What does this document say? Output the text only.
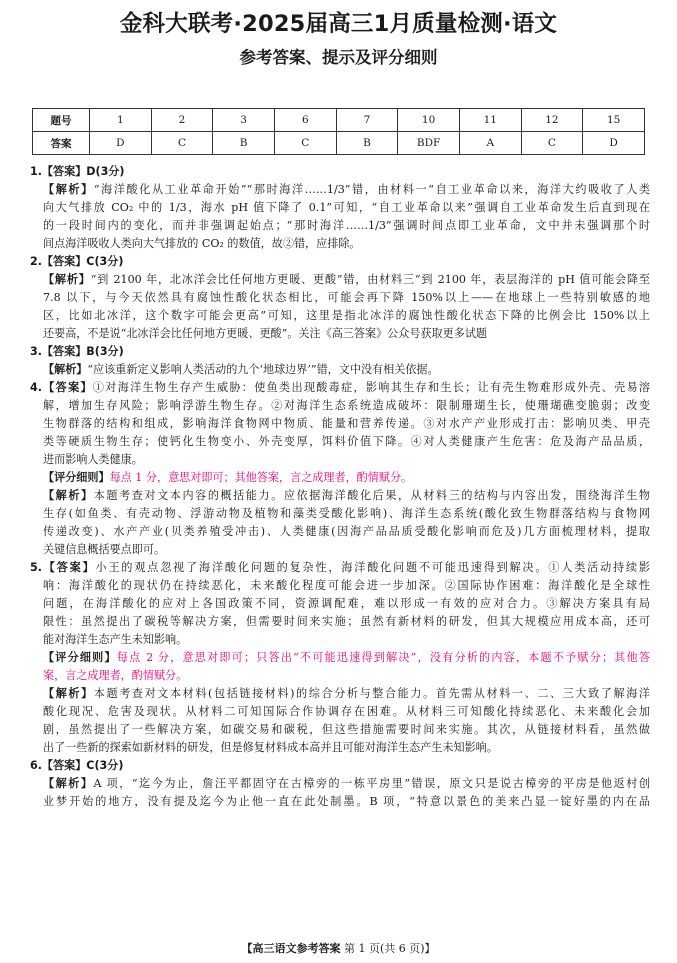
金科大联考·2025届高三1月质量检测·语文
参考答案、提示及评分细则
题号	1	2	3	6	7	10	11	12	15
答案	D	C	B	C	B	BDF	A	C	D

1.【答案】D(3分)

【解析】“海洋酸化从工业革命开始”“那时海洋……1/3”错，由材料一“自工业革命以来，海洋大约吸收了人类

向大气排放 CO₂ 中的 1/3，海水 pH 值下降了 0.1”可知，“自工业革命以来”强调自工业革命发生后直到现在

的一段时间内的变化，而并非强调起始点；“那时海洋……1/3”强调时间点即工业革命，文中并未强调那个时

间点海洋吸收人类向大气排放的 CO₂ 的数值，故②错，应排除。

2.【答案】C(3分)

【解析】“到 2100 年，北冰洋会比任何地方更暖、更酸”错，由材料三“到 2100 年，表层海洋的 pH 值可能会降至

7.8 以下，与今天依然具有腐蚀性酸化状态相比，可能会再下降 150%以上——在地球上一些特别敏感的地

区，比如北冰洋，这个数字可能会更高”可知，这里是指北冰洋的腐蚀性酸化状态下降的比例会比 150%以上

还要高，不是说“北冰洋会比任何地方更暖、更酸”。关注《高三答案》公众号获取更多试题

3.【答案】B(3分)

【解析】“应该重新定义影响人类活动的九个‘地球边界’”错，文中没有相关依据。

4.【答案】①对海洋生物生存产生威胁：使鱼类出现酸毒症，影响其生存和生长；让有壳生物难形成外壳、壳易溶

解，增加生存风险；影响浮游生物生存。②对海洋生态系统造成破坏：限制珊瑚生长，使珊瑚礁变脆弱；改变

生物群落的结构和组成，影响海洋食物网中物质、能量和营养传递。③对水产产业形成打击：影响贝类、甲壳

类等硬质生物生存；使钙化生物变小、外壳变厚，饵料价值下降。④对人类健康产生危害：危及海产品品质，

进而影响人类健康。

【评分细则】每点 1 分，意思对即可；其他答案，言之成理者，酌情赋分。

【解析】本题考查对文本内容的概括能力。应依据海洋酸化后果，从材料三的结构与内容出发，围绕海洋生物

生存(如鱼类、有壳动物、浮游动物及植物和藻类受酸化影响)、海洋生态系统(酸化致生物群落结构与食物网

传递改变)、水产产业(贝类养殖受冲击)、人类健康(因海产品品质受酸化影响而危及)几方面梳理材料，提取

关键信息概括要点即可。

5.【答案】小王的观点忽视了海洋酸化问题的复杂性，海洋酸化问题不可能迅速得到解决。①人类活动持续影

响：海洋酸化的现状仍在持续恶化，未来酸化程度可能会进一步加深。②国际协作困难：海洋酸化是全球性

问题，在海洋酸化的应对上各国政策不同，资源调配难，难以形成一有效的应对合力。③解决方案具有局

限性：虽然提出了碳税等解决方案，但需要时间来实施；虽然有新材料的研发，但其大规模应用成本高，还可

能对海洋生态产生未知影响。

【评分细则】每点 2 分，意思对即可；只答出“不可能迅速得到解决”，没有分析的内容，本题不予赋分；其他答

案，言之成理者，酌情赋分。

【解析】本题考查对文本材料(包括链接材料)的综合分析与整合能力。首先需从材料一、二、三大致了解海洋

酸化现况、危害及现状。从材料二可知国际合作协调存在困难。从材料三可知酸化持续恶化、未来酸化会加

剧，虽然提出了一些解决方案，如碳交易和碳税，但这些措施需要时间来实施。其次，从链接材料看，虽然做

出了一些新的探索如新材料的研发，但是修复材料成本高并且可能对海洋生态产生未知影响。

6.【答案】C(3分)

【解析】A 项，“迄今为止，詹汪平都固守在古樟旁的一栋平房里”错误，原文只是说古樟旁的平房是他返村创

业梦开始的地方，没有提及迄今为止他一直在此处制墨。B 项，“特意以景色的美来凸显一锭好墨的内在品

【高三语文参考答案 第 1 页(共 6 页)】
